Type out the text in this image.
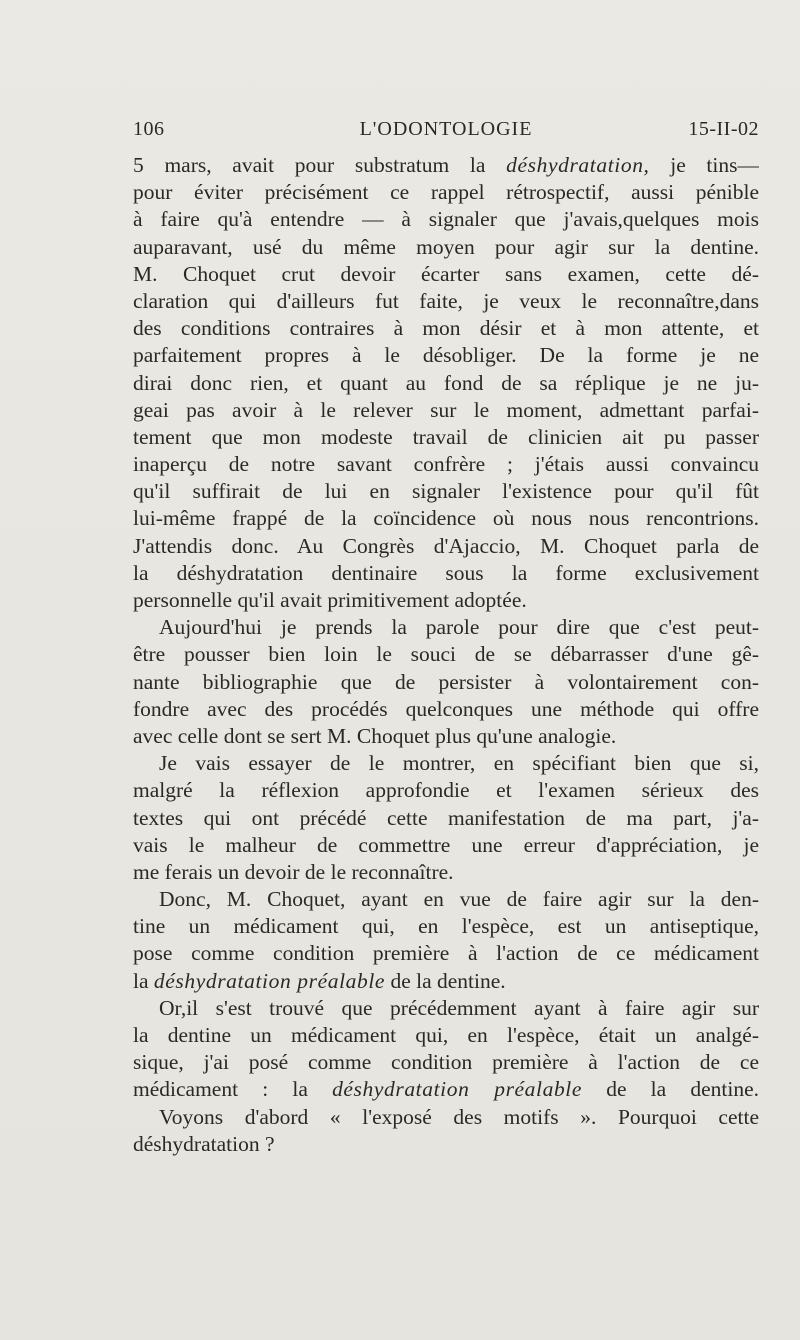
106	L'ODONTOLOGIE	15-II-02
5 mars, avait pour substratum la déshydratation, je tins—
pour éviter précisément ce rappel rétrospectif, aussi pénible
à faire qu'à entendre — à signaler que j'avais,quelques mois
auparavant, usé du même moyen pour agir sur la dentine.
M. Choquet crut devoir écarter sans examen, cette dé-
claration qui d'ailleurs fut faite, je veux le reconnaître,dans
des conditions contraires à mon désir et à mon attente, et
parfaitement propres à le désobliger. De la forme je ne
dirai donc rien, et quant au fond de sa réplique je ne ju-
geai pas avoir à le relever sur le moment, admettant parfai-
tement que mon modeste travail de clinicien ait pu passer
inaperçu de notre savant confrère ; j'étais aussi convaincu
qu'il suffirait de lui en signaler l'existence pour qu'il fût
lui-même frappé de la coïncidence où nous nous rencontrions.
J'attendis donc. Au Congrès d'Ajaccio, M. Choquet parla de
la déshydratation dentinaire sous la forme exclusivement
personnelle qu'il avait primitivement adoptée.
Aujourd'hui je prends la parole pour dire que c'est peut-
être pousser bien loin le souci de se débarrasser d'une gê-
nante bibliographie que de persister à volontairement con-
fondre avec des procédés quelconques une méthode qui offre
avec celle dont se sert M. Choquet plus qu'une analogie.
Je vais essayer de le montrer, en spécifiant bien que si,
malgré la réflexion approfondie et l'examen sérieux des
textes qui ont précédé cette manifestation de ma part, j'a-
vais le malheur de commettre une erreur d'appréciation, je
me ferais un devoir de le reconnaître.
Donc, M. Choquet, ayant en vue de faire agir sur la den-
tine un médicament qui, en l'espèce, est un antiseptique,
pose comme condition première à l'action de ce médicament
la déshydratation préalable de la dentine.
Or,il s'est trouvé que précédemment ayant à faire agir sur
la dentine un médicament qui, en l'espèce, était un analgé-
sique, j'ai posé comme condition première à l'action de ce
médicament : la déshydratation préalable de la dentine.
Voyons d'abord « l'exposé des motifs ». Pourquoi cette
déshydratation ?
